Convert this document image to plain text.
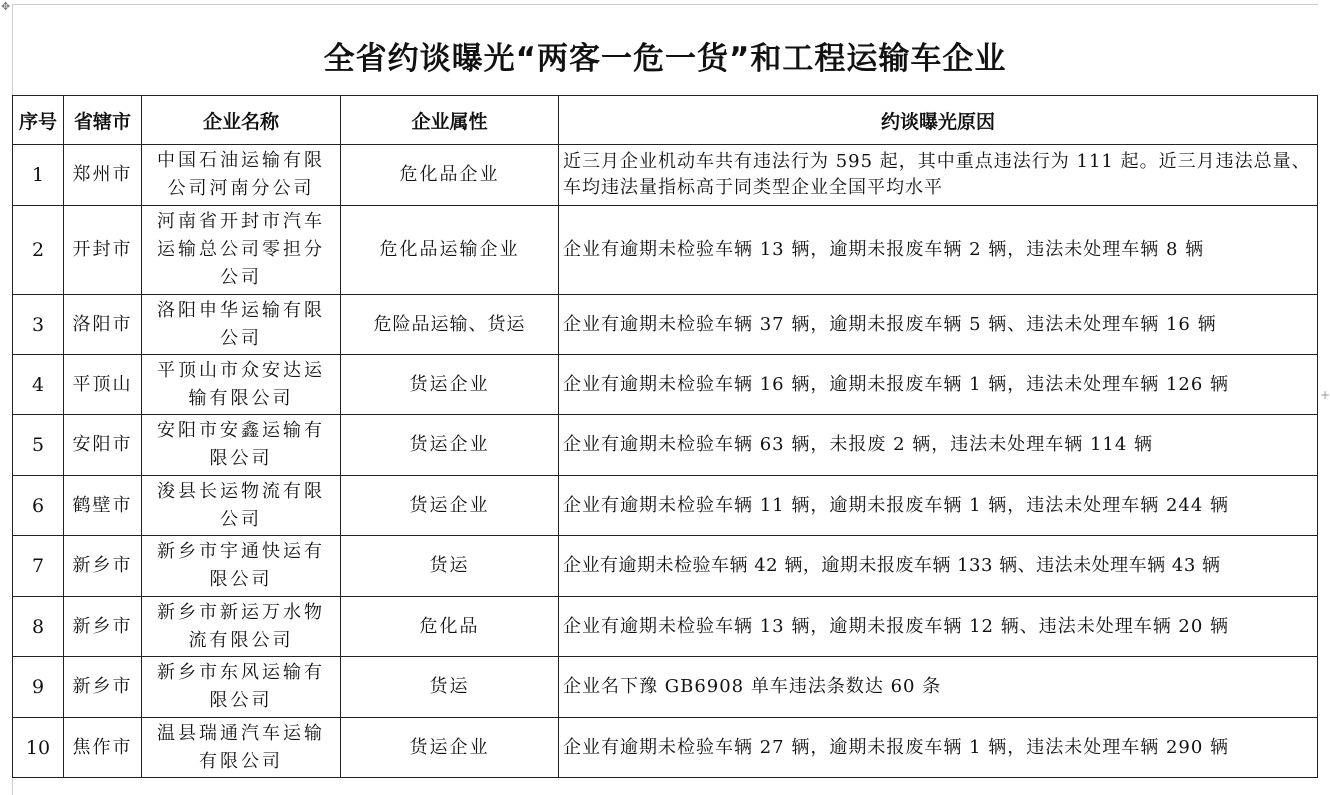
✥
+
全省约谈曝光“两客一危一货”和工程运输车企业
序号	省辖市	企业名称	企业属性	约谈曝光原因
1	郑州市	中国石油运输有限公司河南分公司	危化品企业	近三月企业机动车共有违法行为 595 起，其中重点违法行为 111 起。近三月违法总量、车均违法量指标高于同类型企业全国平均水平
2	开封市	河南省开封市汽车运输总公司零担分公司	危化品运输企业	企业有逾期未检验车辆 13 辆，逾期未报废车辆 2 辆，违法未处理车辆 8 辆
3	洛阳市	洛阳申华运输有限公司	危险品运输、货运	企业有逾期未检验车辆 37 辆，逾期未报废车辆 5 辆、违法未处理车辆 16 辆
4	平顶山	平顶山市众安达运输有限公司	货运企业	企业有逾期未检验车辆 16 辆，逾期未报废车辆 1 辆，违法未处理车辆 126 辆
5	安阳市	安阳市安鑫运输有限公司	货运企业	企业有逾期未检验车辆 63 辆，未报废 2 辆，违法未处理车辆 114 辆
6	鹤壁市	浚县长运物流有限公司	货运企业	企业有逾期未检验车辆 11 辆，逾期未报废车辆 1 辆，违法未处理车辆 244 辆
7	新乡市	新乡市宇通快运有限公司	货运	企业有逾期未检验车辆 42 辆，逾期未报废车辆 133 辆、违法未处理车辆 43 辆
8	新乡市	新乡市新运万水物流有限公司	危化品	企业有逾期未检验车辆 13 辆，逾期未报废车辆 12 辆、违法未处理车辆 20 辆
9	新乡市	新乡市东风运输有限公司	货运	企业名下豫 GB6908 单车违法条数达 60 条
10	焦作市	温县瑞通汽车运输有限公司	货运企业	企业有逾期未检验车辆 27 辆，逾期未报废车辆 1 辆，违法未处理车辆 290 辆
